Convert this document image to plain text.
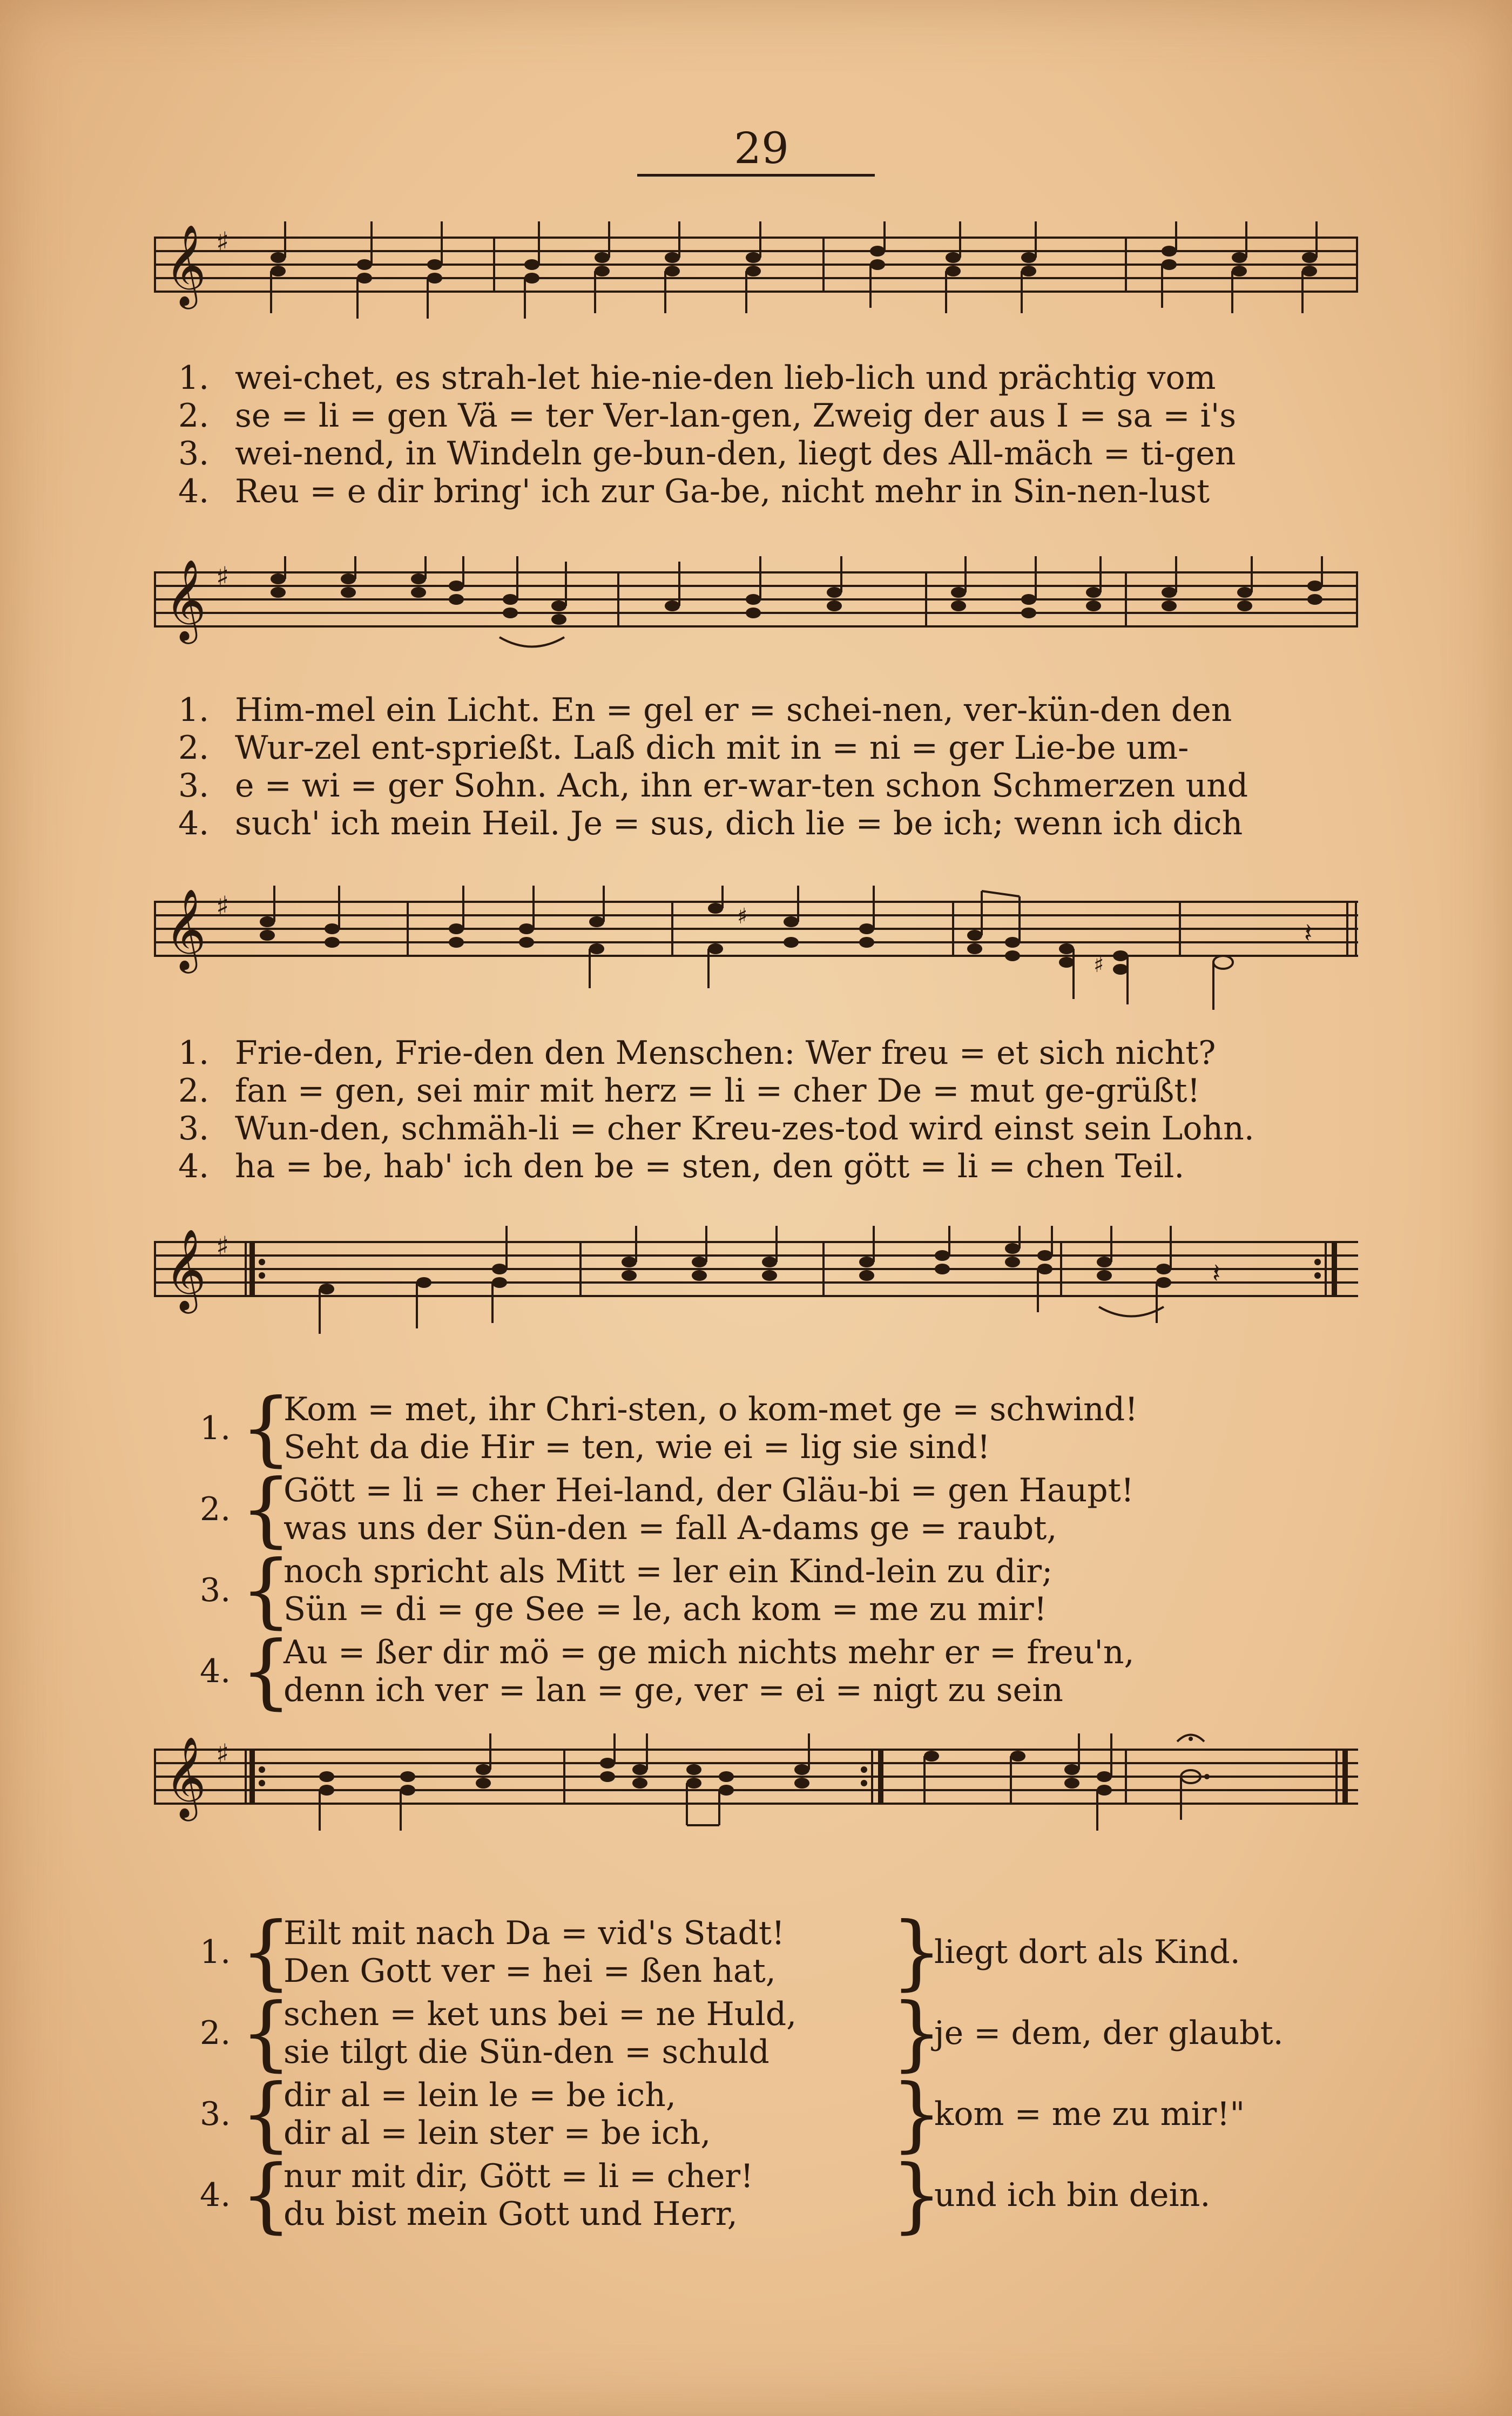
29
𝄞 ♯
1. wei‑chet, es strah‑let hie‑nie‑den lieb‑lich und prächtig vom
2. se = li = gen Vä = ter Ver‑lan‑gen, Zweig der aus I = sa = i's
3. wei‑nend, in Windeln ge‑bun‑den, liegt des All‑mäch = ti‑gen
4. Reu = e dir bring' ich zur Ga‑be, nicht mehr in Sin‑nen‑lust
𝄞 ♯
1. Him‑mel ein Licht. En = gel er = schei‑nen, ver‑kün‑den den
2. Wur‑zel ent‑sprießt. Laß dich mit in = ni = ger Lie‑be um‑
3. e = wi = ger Sohn. Ach, ihn er‑war‑ten schon Schmerzen und
4. such' ich mein Heil. Je = sus, dich lie = be ich; wenn ich dich
𝄞 ♯	♯
♯
𝄽
1. Frie‑den, Frie‑den den Menschen: Wer freu = et sich nicht?
2. fan = gen, sei mir mit herz = li = cher De = mut ge‑grüßt!
3. Wun‑den, schmäh‑li = cher Kreu‑zes‑tod wird einst sein Lohn.
4. ha = be, hab' ich den be = sten, den gött = li = chen Teil.
𝄞 ♯
𝄽
1. {
Kom = met, ihr Chri‑sten, o kom‑met ge = schwind!
Seht da die Hir = ten, wie ei = lig sie sind!
2. {
Gött = li = cher Hei‑land, der Gläu‑bi = gen Haupt!
was uns der Sün‑den = fall A‑dams ge = raubt,
3. {
noch spricht als Mitt = ler ein Kind‑lein zu dir;
Sün = di = ge See = le, ach kom = me zu mir!
4. {
Au = ßer dir mö = ge mich nichts mehr er = freu'n,
denn ich ver = lan = ge, ver = ei = nigt zu sein
𝄞 ♯
1. {
Eilt mit nach Da = vid's Stadt!
Den Gott ver = hei = ßen hat, }
liegt dort als Kind.
2. {
schen = ket uns bei = ne Huld,
sie tilgt die Sün‑den = schuld }
je = dem, der glaubt.
3. {
dir al = lein le = be ich,
dir al = lein ster = be ich, }
kom = me zu mir!"
4. {
nur mit dir, Gött = li = cher!
du bist mein Gott und Herr, }
und ich bin dein.
